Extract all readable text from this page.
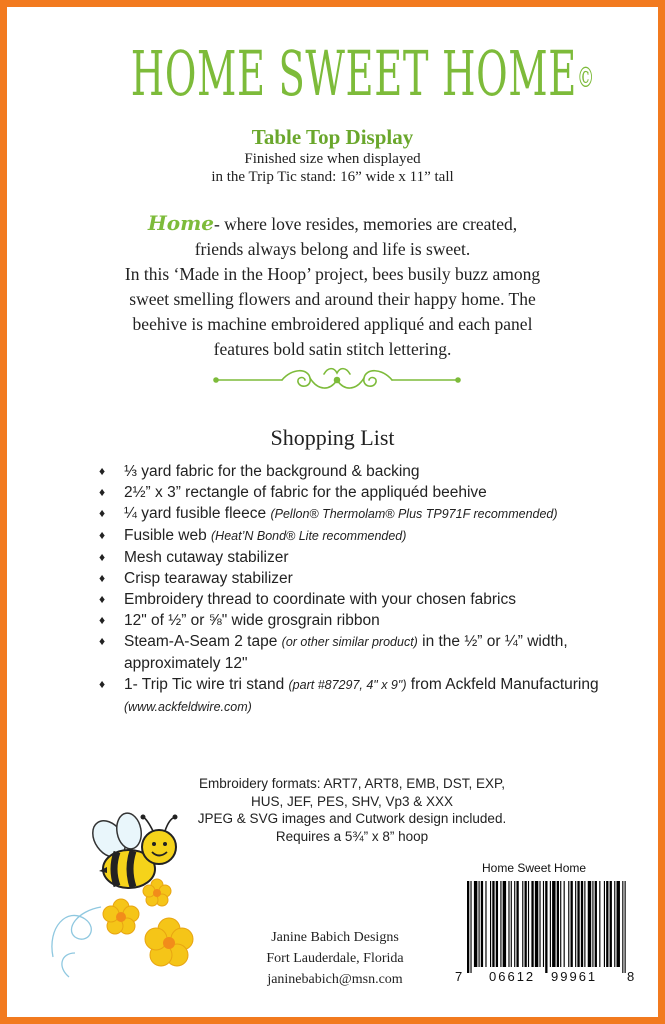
HOME SWEET HOME©
Table Top Display
Finished size when displayed
in the Trip Tic stand: 16” wide x 11” tall
Home- where love resides, memories are created,
friends always belong and life is sweet.
In this ‘Made in the Hoop’ project, bees busily buzz among
sweet smelling flowers and around their happy home. The
beehive is machine embroidered appliqué and each panel
features bold satin stitch lettering.
Shopping List
♦ ⅓ yard fabric for the background & backing
♦ 2½” x 3” rectangle of fabric for the appliquéd beehive
♦ ¼ yard fusible fleece (Pellon® Thermolam® Plus TP971F recommended)
♦ Fusible web (Heat’N Bond® Lite recommended)
♦ Mesh cutaway stabilizer
♦ Crisp tearaway stabilizer
♦ Embroidery thread to coordinate with your chosen fabrics
♦ 12" of ½” or ⅝" wide grosgrain ribbon
♦ Steam-A-Seam 2 tape (or other similar product) in the ½” or ¼” width, approximately 12"
♦ 1- Trip Tic wire tri stand (part #87297, 4" x 9") from Ackfeld Manufacturing (www.ackfeldwire.com)
Embroidery formats: ART7, ART8, EMB, DST, EXP,
HUS, JEF, PES, SHV, Vp3 & XXX
JPEG & SVG images and Cutwork design included.
Requires a 5¾” x 8” hoop
Janine Babich Designs
Fort Lauderdale, Florida
janinebabich@msn.com
Home Sweet Home
7 06612 99961 8
